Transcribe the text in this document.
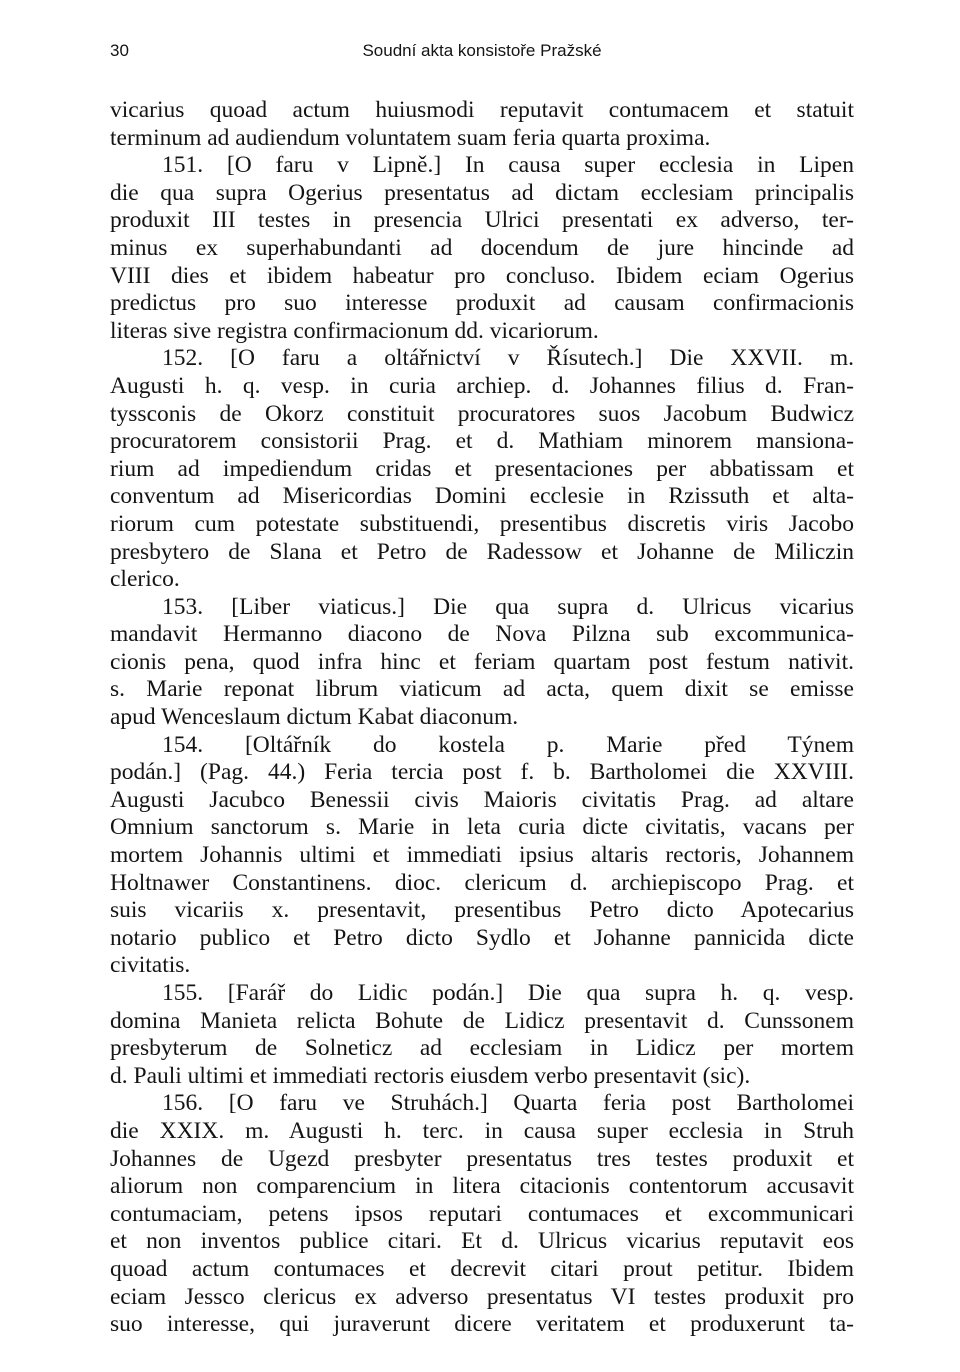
30	Soudní akta konsistoře Pražské
vicarius quoad actum huiusmodi reputavit contumacem et statuit
terminum ad audiendum voluntatem suam feria quarta proxima.
151. [O faru v Lipně.] In causa super ecclesia in Lipen
die qua supra Ogerius presentatus ad dictam ecclesiam principalis
produxit III testes in presencia Ulrici presentati ex adverso, ter-
minus ex superhabundanti ad docendum de jure hincinde ad
VIII dies et ibidem habeatur pro concluso. Ibidem eciam Ogerius
predictus pro suo interesse produxit ad causam confirmacionis
literas sive registra confirmacionum dd. vicariorum.
152. [O faru a oltářnictví v Řísutech.] Die XXVII. m.
Augusti h. q. vesp. in curia archiep. d. Johannes filius d. Fran-
tyssconis de Okorz constituit procuratores suos Jacobum Budwicz
procuratorem consistorii Prag. et d. Mathiam minorem mansiona-
rium ad impediendum cridas et presentaciones per abbatissam et
conventum ad Misericordias Domini ecclesie in Rzissuth et alta-
riorum cum potestate substituendi, presentibus discretis viris Jacobo
presbytero de Slana et Petro de Radessow et Johanne de Miliczin
clerico.
153. [Liber viaticus.] Die qua supra d. Ulricus vicarius
mandavit Hermanno diacono de Nova Pilzna sub excommunica-
cionis pena, quod infra hinc et feriam quartam post festum nativit.
s. Marie reponat librum viaticum ad acta, quem dixit se emisse
apud Wenceslaum dictum Kabat diaconum.
154. [Oltářník do kostela p. Marie před Týnem
podán.] (Pag. 44.) Feria tercia post f. b. Bartholomei die XXVIII.
Augusti Jacubco Benessii civis Maioris civitatis Prag. ad altare
Omnium sanctorum s. Marie in leta curia dicte civitatis, vacans per
mortem Johannis ultimi et immediati ipsius altaris rectoris, Johannem
Holtnawer Constantinens. dioc. clericum d. archiepiscopo Prag. et
suis vicariis x. presentavit, presentibus Petro dicto Apotecarius
notario publico et Petro dicto Sydlo et Johanne pannicida dicte
civitatis.
155. [Farář do Lidic podán.] Die qua supra h. q. vesp.
domina Manieta relicta Bohute de Lidicz presentavit d. Cunssonem
presbyterum de Solneticz ad ecclesiam in Lidicz per mortem
d. Pauli ultimi et immediati rectoris eiusdem verbo presentavit (sic).
156. [O faru ve Struhách.] Quarta feria post Bartholomei
die XXIX. m. Augusti h. terc. in causa super ecclesia in Struh
Johannes de Ugezd presbyter presentatus tres testes produxit et
aliorum non comparencium in litera citacionis contentorum accusavit
contumaciam, petens ipsos reputari contumaces et excommunicari
et non inventos publice citari. Et d. Ulricus vicarius reputavit eos
quoad actum contumaces et decrevit citari prout petitur. Ibidem
eciam Jessco clericus ex adverso presentatus VI testes produxit pro
suo interesse, qui juraverunt dicere veritatem et produxerunt ta-
